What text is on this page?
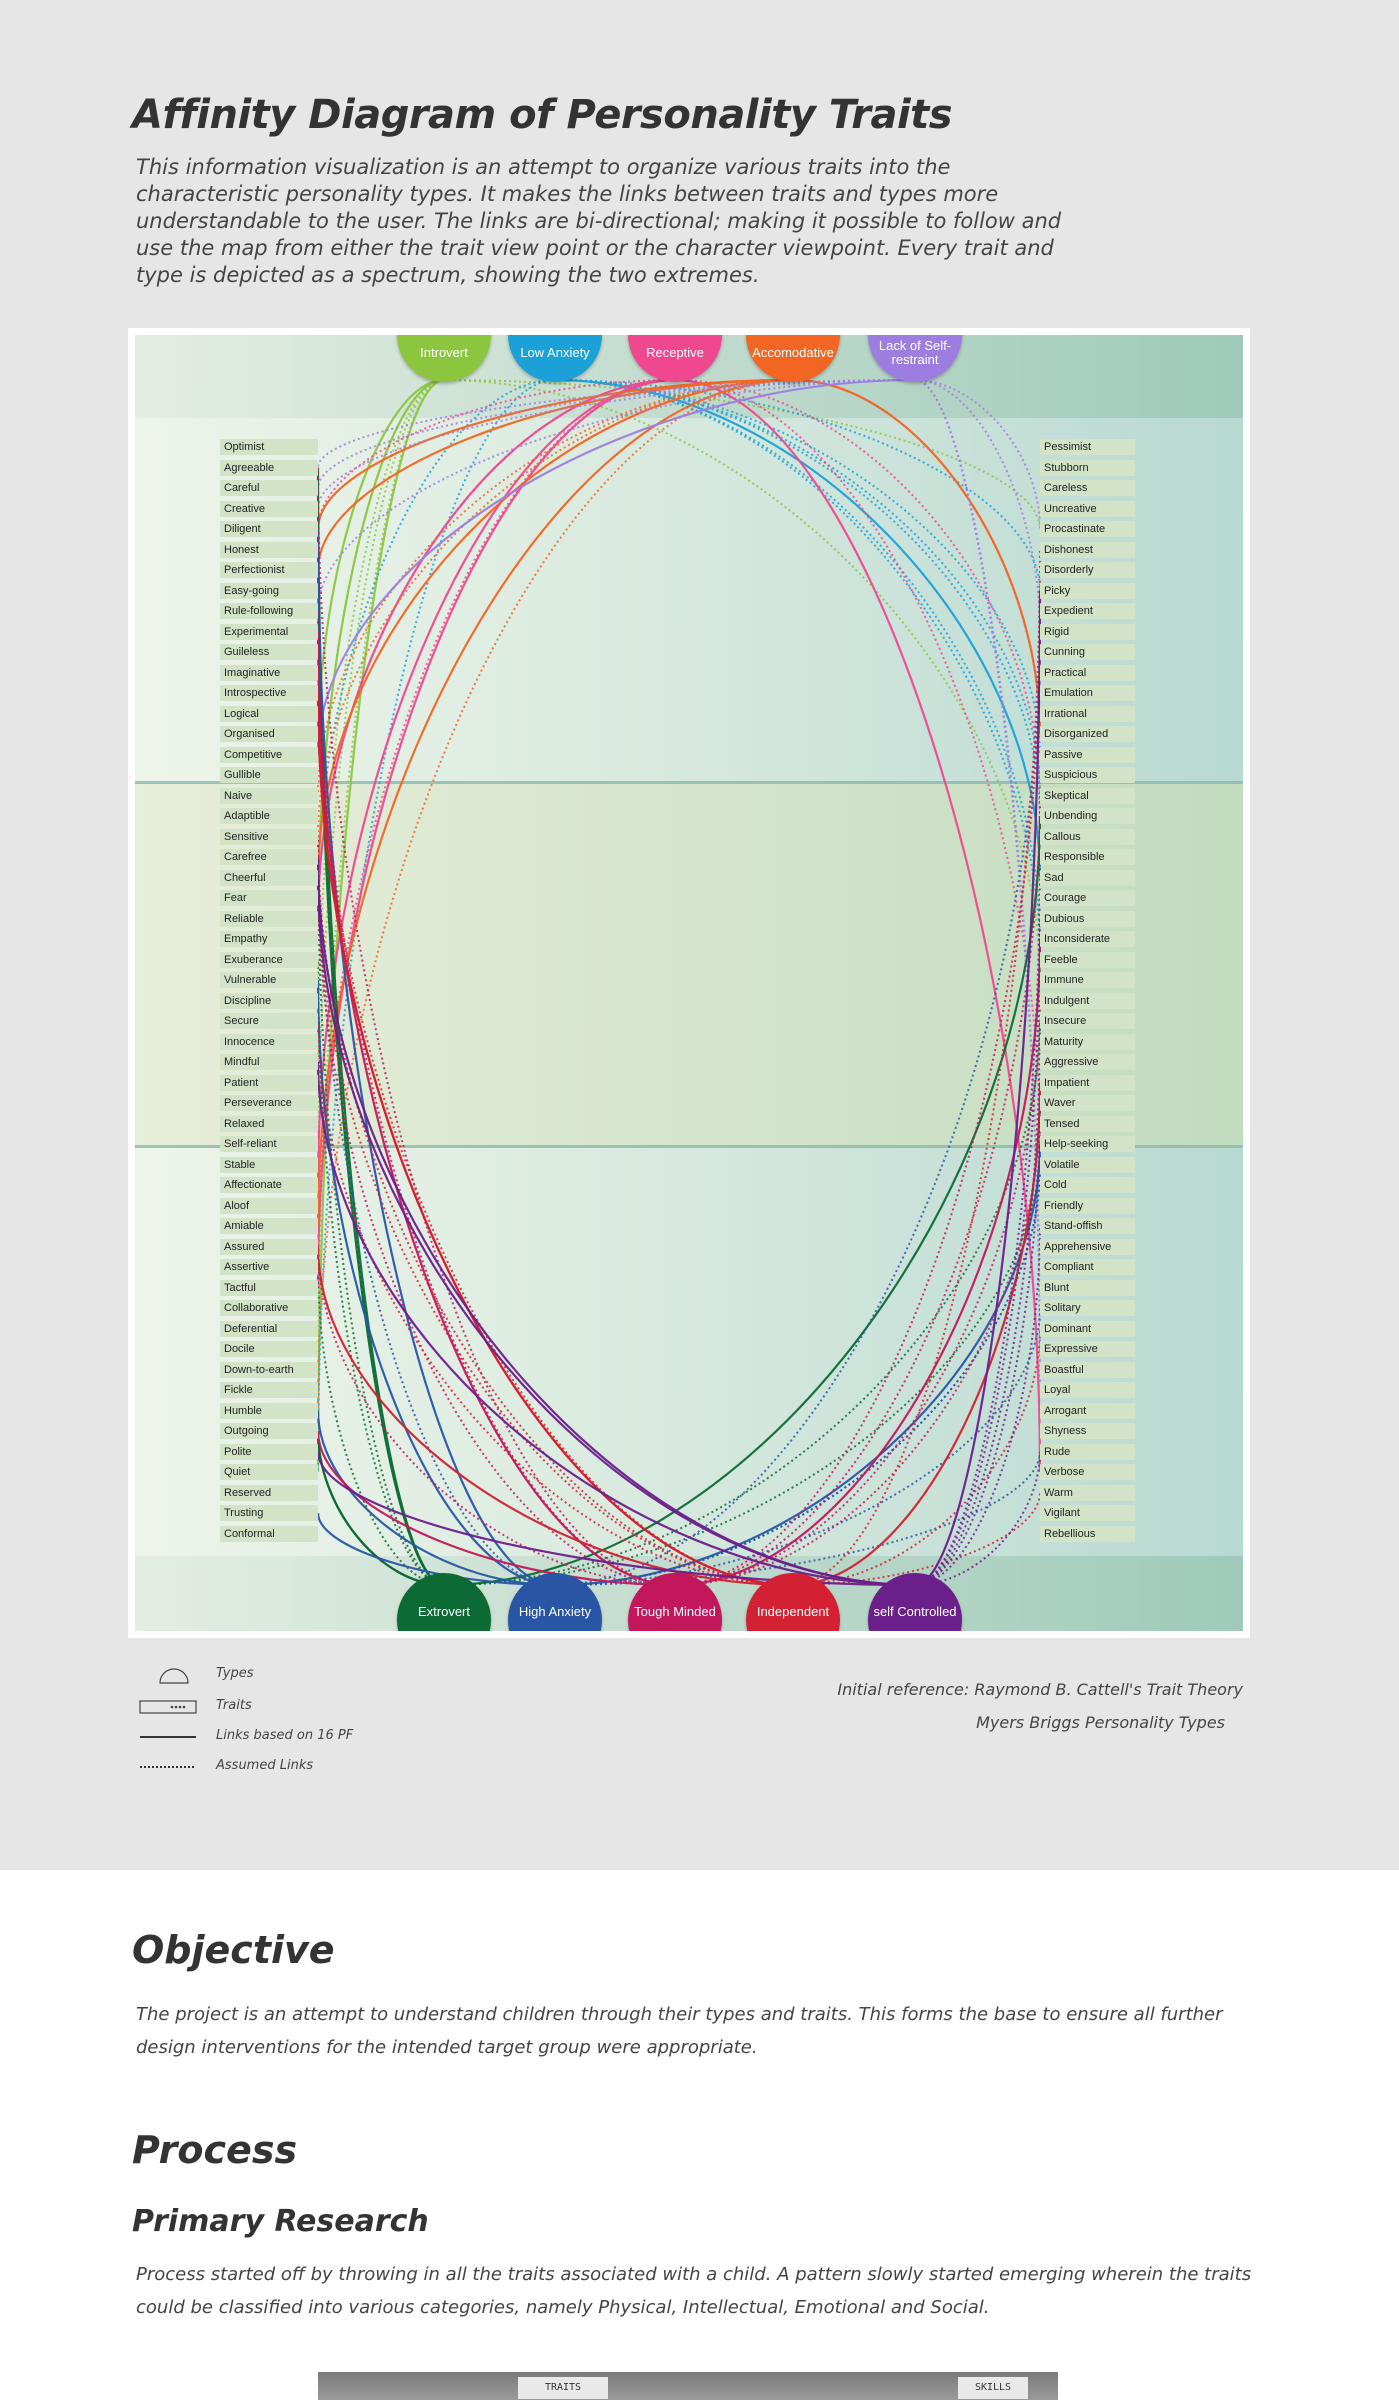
Affinity Diagram of Personality Traits

This information visualization is an attempt to organize various traits into the characteristic personality types. It makes the links between traits and types more understandable to the user. The links are bi-directional; making it possible to follow and use the map from either the trait view point or the character viewpoint. Every trait and type is depicted as a spectrum, showing the two extremes.

Introvert	Low Anxiety	Receptive	Accomodative	Lack of Self-restraint
Extrovert	High Anxiety	Tough Minded	Independent	self Controlled
Optimist
Agreeable
Careful
Creative
Diligent
Honest
Perfectionist
Easy-going
Rule-following
Experimental
Guileless
Imaginative
Introspective
Logical
Organised
Competitive
Gullible
Naive
Adaptible
Sensitive
Carefree
Cheerful
Fear
Reliable
Empathy
Exuberance
Vulnerable
Discipline
Secure
Innocence
Mindful
Patient
Perseverance
Relaxed
Self-reliant
Stable
Affectionate
Aloof
Amiable
Assured
Assertive
Tactful
Collaborative
Deferential
Docile
Down-to-earth
Fickle
Humble
Outgoing
Polite
Quiet
Reserved
Trusting
Conformal
Pessimist
Stubborn
Careless
Uncreative
Procastinate
Dishonest
Disorderly
Picky
Expedient
Rigid
Cunning
Practical
Emulation
Irrational
Disorganized
Passive
Suspicious
Skeptical
Unbending
Callous
Responsible
Sad
Courage
Dubious
Inconsiderate
Feeble
Immune
Indulgent
Insecure
Maturity
Aggressive
Impatient
Waver
Tensed
Help-seeking
Volatile
Cold
Friendly
Stand-offish
Apprehensive
Compliant
Blunt
Solitary
Dominant
Expressive
Boastful
Loyal
Arrogant
Shyness
Rude
Verbose
Warm
Vigilant
Rebellious
Types
Traits
Links based on 16 PF
Assumed Links
Initial reference: Raymond B. Cattell's Trait Theory
Myers Briggs Personality Types
Objective

The project is an attempt to understand children through their types and traits. This forms the base to ensure all further design interventions for the intended target group were appropriate.

Process
Primary Research

Process started off by throwing in all the traits associated with a child. A pattern slowly started emerging wherein the traits could be classified into various categories, namely Physical, Intellectual, Emotional and Social.

TRAITS	SKILLS
